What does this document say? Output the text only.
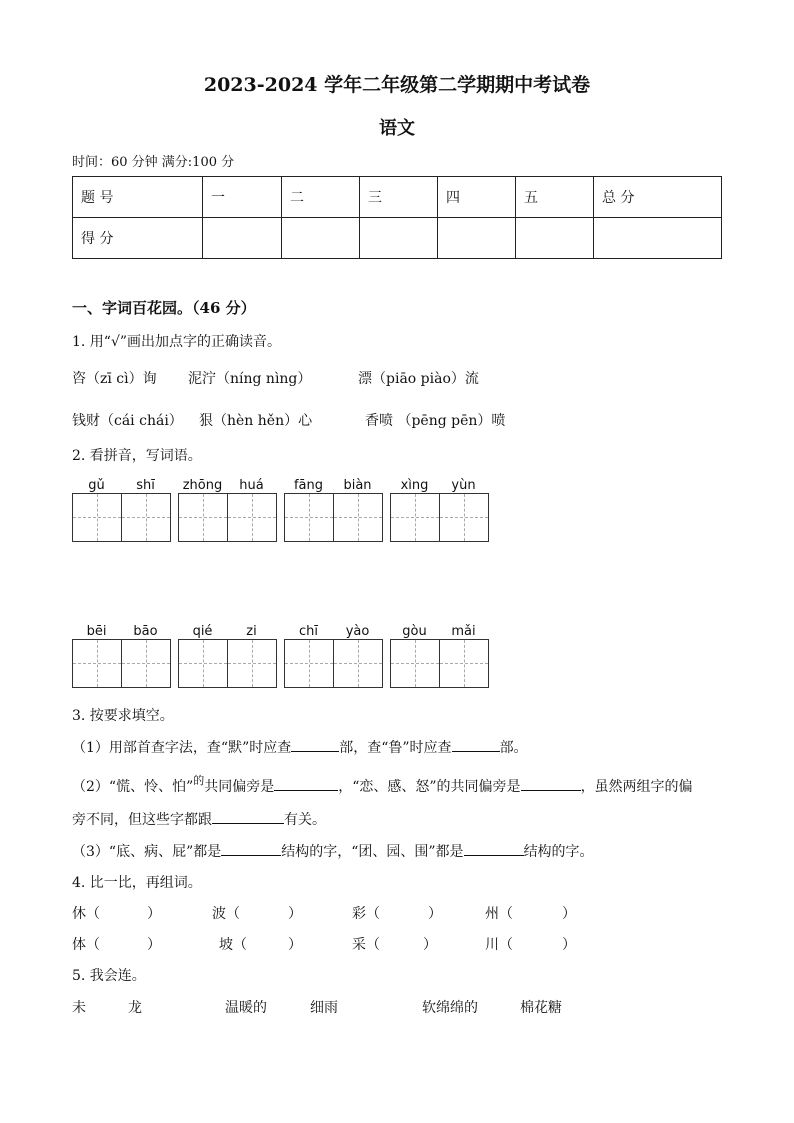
2023-2024 学年二年级第二学期期中考试卷
语文
时间：60 分钟 满分:100 分
题 号	一	二	三	四	五	总 分
得 分						
一、字词百花园。（46 分）
1. 用“√”画出加点字的正确读音。
咨（zī cì）询 泥泞（níng nìng）	漂（piāo piào）流
钱财（cái chái） 狠（hèn hěn）心	香喷 （pēng pēn）喷
2. 看拼音，写词语。
gǔ	shī	zhōng	huá	fāng	biàn	xìng	yùn
bēi	bāo	qié	zi	chī	yào	gòu	mǎi
3. 按要求填空。
（1）用部首查字法，查“默”时应查	部，查“鲁”时应查	部。
（2）“慌、怜、怕”$^的$共同偏旁是	，“恋、感、怒”的共同偏旁是	，虽然两组字的偏
旁不同，但这些字都跟	有关。
（3）“底、病、屁”都是	结构的字，“团、园、围”都是	结构的字。
4. 比一比，再组词。
休（	）	波（	）	彩（	）	州（	）
体（	）	坡（	）	采（	）	川（	）
5. 我会连。
未	龙	温暖的	细雨	软绵绵的	棉花糖
